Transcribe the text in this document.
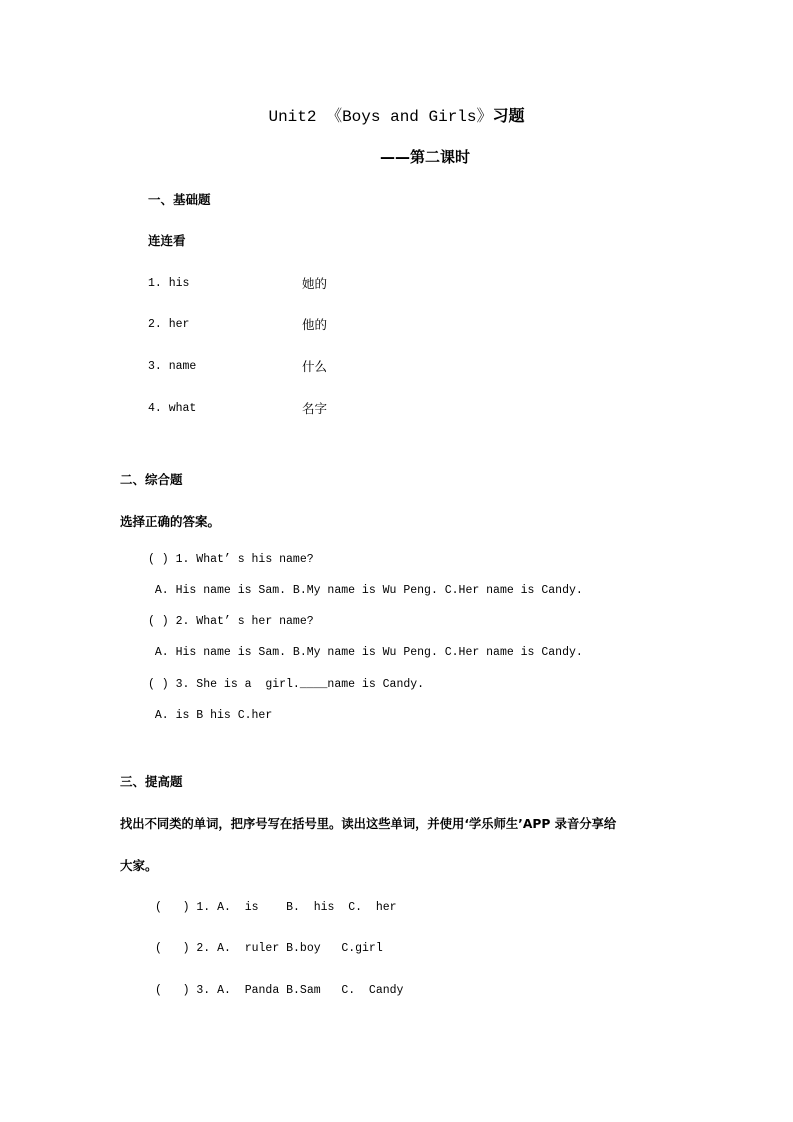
Unit2 《Boys and Girls》习题
——第二课时
一、基础题
连连看
1. his
2. her
3. name
4. what
她的
他的
什么
名字
二、综合题
选择正确的答案。
( ) 1. What’ s his name?
A. His name is Sam. B.My name is Wu Peng. C.Her name is Candy.
( ) 2. What’ s her name?
A. His name is Sam. B.My name is Wu Peng. C.Her name is Candy.
( ) 3. She is a  girl.____name is Candy.
A. is B his C.her
三、提高题
找出不同类的单词，把序号写在括号里。读出这些单词，并使用‘学乐师生’APP 录音分享给
大家。
(   ) 1. A.  is    B.  his  C.  her
(   ) 2. A.  ruler B.boy   C.girl
(   ) 3. A.  Panda B.Sam   C.  Candy
